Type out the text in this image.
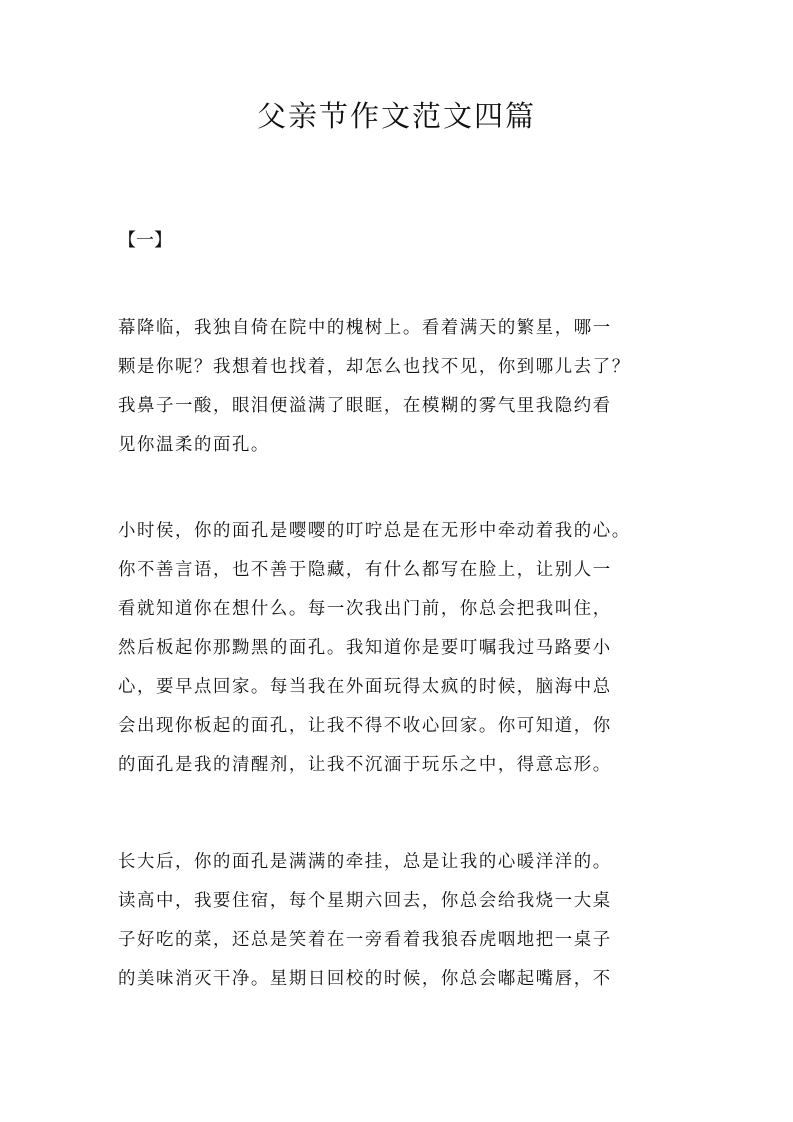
父亲节作文范文四篇
【一】
幕降临，我独自倚在院中的槐树上。看着满天的繁星，哪一
颗是你呢？我想着也找着，却怎么也找不见，你到哪儿去了？
我鼻子一酸，眼泪便溢满了眼眶，在模糊的雾气里我隐约看
见你温柔的面孔。
小时侯，你的面孔是嘤嘤的叮咛总是在无形中牵动着我的心。
你不善言语，也不善于隐藏，有什么都写在脸上，让别人一
看就知道你在想什么。每一次我出门前，你总会把我叫住，
然后板起你那黝黑的面孔。我知道你是要叮嘱我过马路要小
心，要早点回家。每当我在外面玩得太疯的时候，脑海中总
会出现你板起的面孔，让我不得不收心回家。你可知道，你
的面孔是我的清醒剂，让我不沉湎于玩乐之中，得意忘形。
长大后，你的面孔是满满的牵挂，总是让我的心暖洋洋的。
读高中，我要住宿，每个星期六回去，你总会给我烧一大桌
子好吃的菜，还总是笑着在一旁看着我狼吞虎咽地把一桌子
的美味消灭干净。星期日回校的时候，你总会嘟起嘴唇，不
